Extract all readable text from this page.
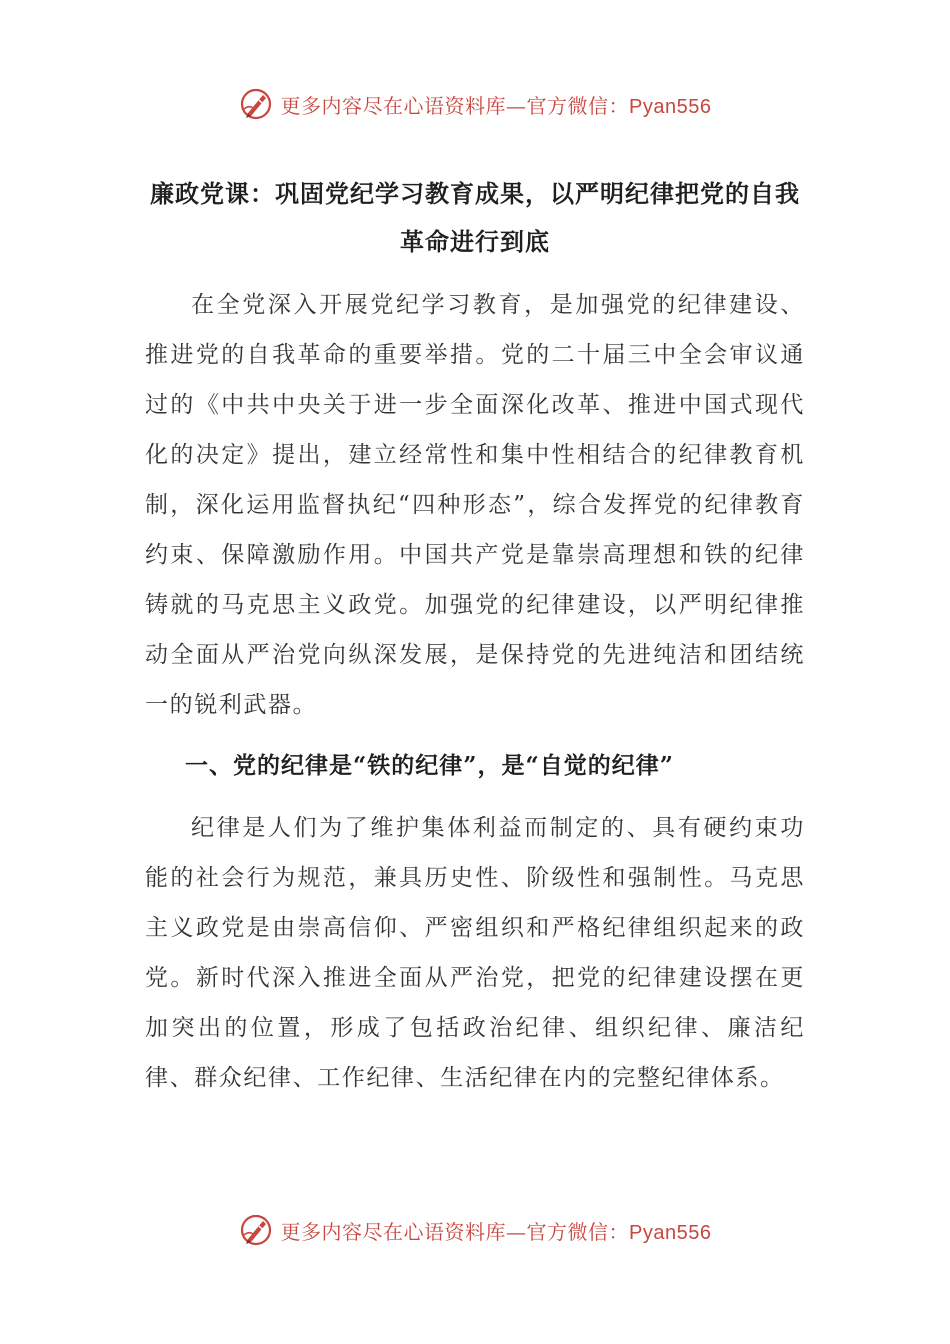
更多内容尽在心语资料库—官方微信：Pyan556
廉政党课：巩固党纪学习教育成果，以严明纪律把党的自我革命进行到底

在全党深入开展党纪学习教育，是加强党的纪律建设、推进党的自我革命的重要举措。党的二十届三中全会审议通过的《中共中央关于进一步全面深化改革、推进中国式现代化的决定》提出，建立经常性和集中性相结合的纪律教育机制，深化运用监督执纪“四种形态”，综合发挥党的纪律教育约束、保障激励作用。中国共产党是靠崇高理想和铁的纪律铸就的马克思主义政党。加强党的纪律建设，以严明纪律推动全面从严治党向纵深发展，是保持党的先进纯洁和团结统一的锐利武器。

一、党的纪律是“铁的纪律”，是“自觉的纪律”

纪律是人们为了维护集体利益而制定的、具有硬约束功能的社会行为规范，兼具历史性、阶级性和强制性。马克思主义政党是由崇高信仰、严密组织和严格纪律组织起来的政党。新时代深入推进全面从严治党，把党的纪律建设摆在更加突出的位置，形成了包括政治纪律、组织纪律、廉洁纪律、群众纪律、工作纪律、生活纪律在内的完整纪律体系。

更多内容尽在心语资料库—官方微信：Pyan556
